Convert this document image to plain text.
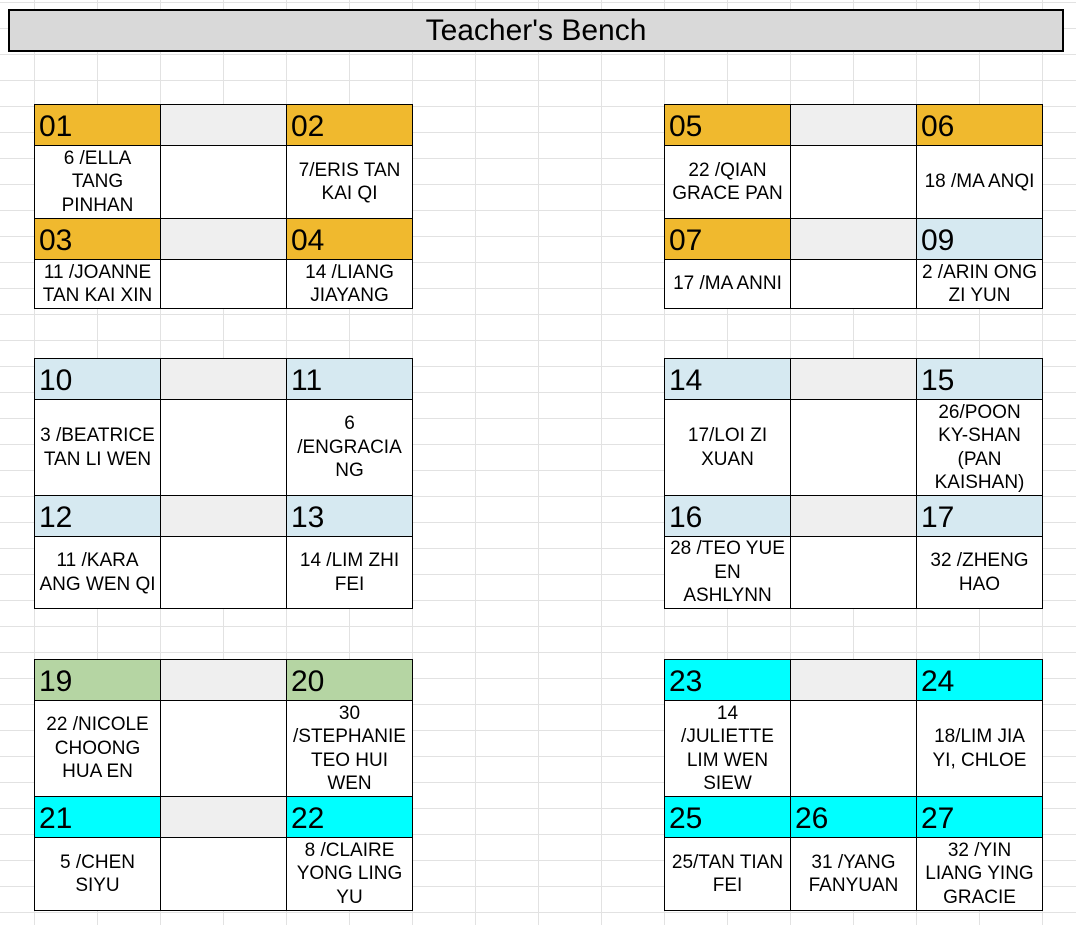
Teacher's Bench
01	02
6 /ELLA TANG PINHAN
7/ERIS TAN KAI QI
03	04
11 /JOANNE TAN KAI XIN
14 /LIANG JIAYANG
05	06
22 /QIAN GRACE PAN
18 /MA ANQI
07	09
17 /MA ANNI
2 /ARIN ONG ZI YUN
10	11
3 /BEATRICE TAN LI WEN
6 /ENGRACIA NG
12	13
11 /KARA ANG WEN QI
14 /LIM ZHI FEI
14	15
17/LOI ZI XUAN
26/POON KY-SHAN (PAN KAISHAN)
16	17
28 /TEO YUE EN ASHLYNN
32 /ZHENG HAO
19	20
22 /NICOLE CHOONG HUA EN
30 /STEPHANIE TEO HUI WEN
21	22
5 /CHEN SIYU
8 /CLAIRE YONG LING YU
23	24
14 /JULIETTE LIM WEN SIEW
18/LIM JIA YI, CHLOE
25	26	27
25/TAN TIAN FEI
31 /YANG FANYUAN
32 /YIN LIANG YING GRACIE
